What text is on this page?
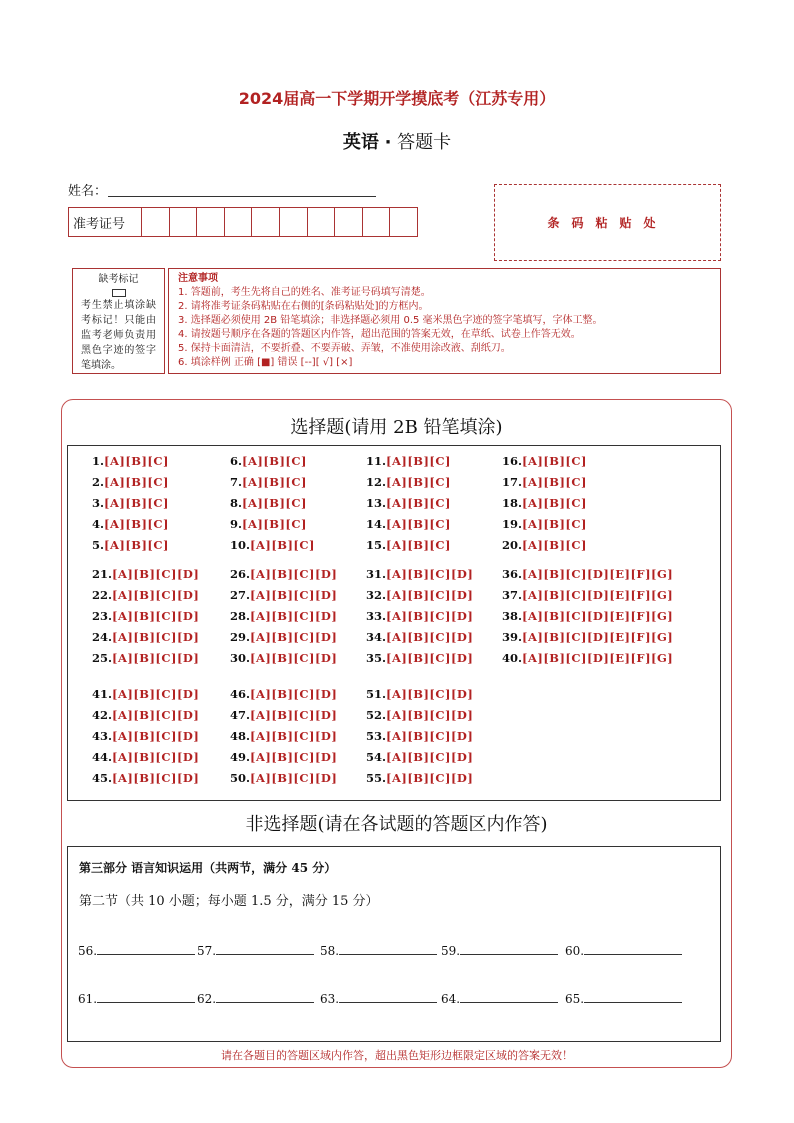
2024届高一下学期开学摸底考（江苏专用）
英语 · 答题卡
姓名：
准考证号	条码粘贴处
缺考标记
考生禁止填涂缺考标记！只能由监考老师负责用黑色字迹的签字笔填涂。
注意事项
1. 答题前，考生先将自己的姓名、准考证号码填写清楚。
2. 请将准考证条码粘贴在右侧的[条码粘贴处]的方框内。
3. 选择题必须使用 2B 铅笔填涂；非选择题必须用 0.5 毫米黑色字迹的签字笔填写，字体工整。
4. 请按题号顺序在各题的答题区内作答，超出范围的答案无效，在草纸、试卷上作答无效。
5. 保持卡面清洁，不要折叠、不要弄破、弄皱，不准使用涂改液、刮纸刀。
6. 填涂样例 正确 [■] 错误 [--][ √] [×]
选择题(请用 2B 铅笔填涂)
1.[A][B][C]
2.[A][B][C]
3.[A][B][C]
4.[A][B][C]
5.[A][B][C]
6.[A][B][C]
7.[A][B][C]
8.[A][B][C]
9.[A][B][C]
10.[A][B][C]
11.[A][B][C]
12.[A][B][C]
13.[A][B][C]
14.[A][B][C]
15.[A][B][C]
16.[A][B][C]
17.[A][B][C]
18.[A][B][C]
19.[A][B][C]
20.[A][B][C]
21.[A][B][C][D]
22.[A][B][C][D]
23.[A][B][C][D]
24.[A][B][C][D]
25.[A][B][C][D]
26.[A][B][C][D]
27.[A][B][C][D]
28.[A][B][C][D]
29.[A][B][C][D]
30.[A][B][C][D]
31.[A][B][C][D]
32.[A][B][C][D]
33.[A][B][C][D]
34.[A][B][C][D]
35.[A][B][C][D]
36.[A][B][C][D][E][F][G]
37.[A][B][C][D][E][F][G]
38.[A][B][C][D][E][F][G]
39.[A][B][C][D][E][F][G]
40.[A][B][C][D][E][F][G]
41.[A][B][C][D]
42.[A][B][C][D]
43.[A][B][C][D]
44.[A][B][C][D]
45.[A][B][C][D]
46.[A][B][C][D]
47.[A][B][C][D]
48.[A][B][C][D]
49.[A][B][C][D]
50.[A][B][C][D]
51.[A][B][C][D]
52.[A][B][C][D]
53.[A][B][C][D]
54.[A][B][C][D]
55.[A][B][C][D]
非选择题(请在各试题的答题区内作答)
第三部分 语言知识运用（共两节，满分 45 分）
第二节（共 10 小题；每小题 1.5 分，满分 15 分）
56.	57.	58.	59.	60.
61.	62.	63.	64.	65.
请在各题目的答题区域内作答，超出黑色矩形边框限定区域的答案无效！
